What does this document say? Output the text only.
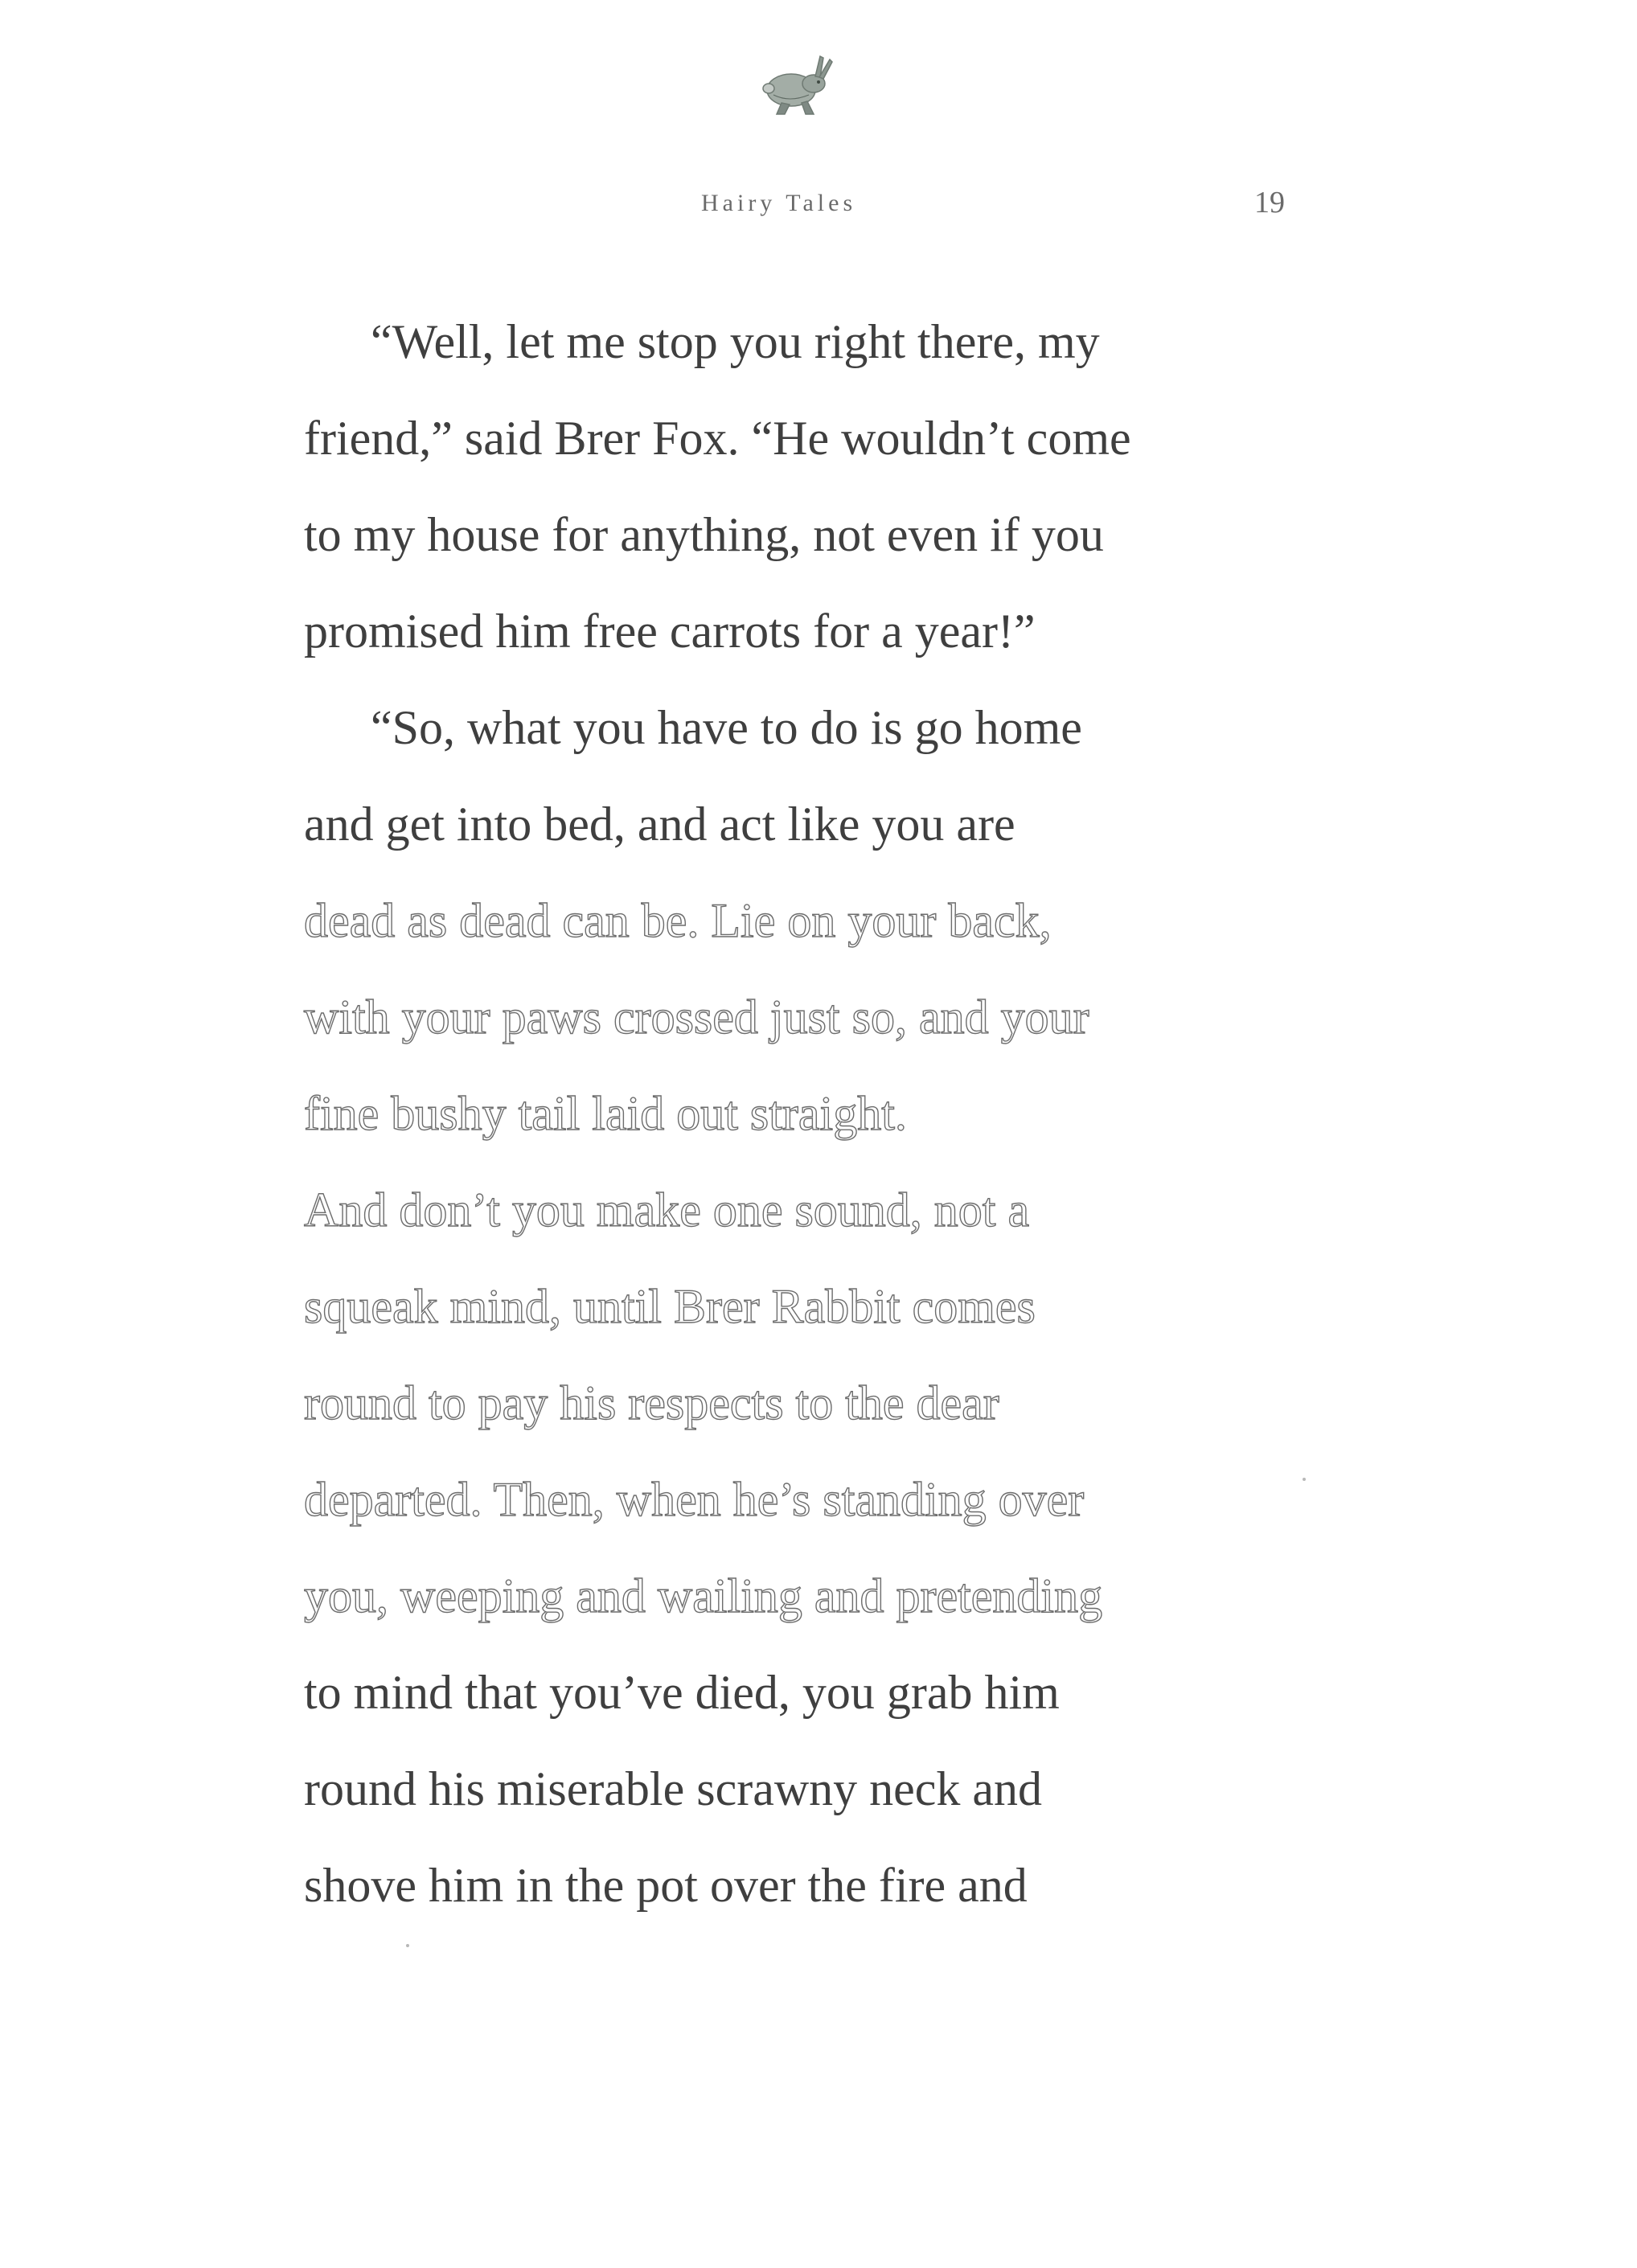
Hairy Tales	19
“Well, let me stop you right there, my
friend,” said Brer Fox. “He wouldn’t come
to my house for anything, not even if you
promised him free carrots for a year!”
“So, what you have to do is go home
and get into bed, and act like you are
dead as dead can be. Lie on your back,
with your paws crossed just so, and your
fine bushy tail laid out straight.
And don’t you make one sound, not a
squeak mind, until Brer Rabbit comes
round to pay his respects to the dear
departed. Then, when he’s standing over
you, weeping and wailing and pretending
to mind that you’ve died, you grab him
round his miserable scrawny neck and
shove him in the pot over the fire and
